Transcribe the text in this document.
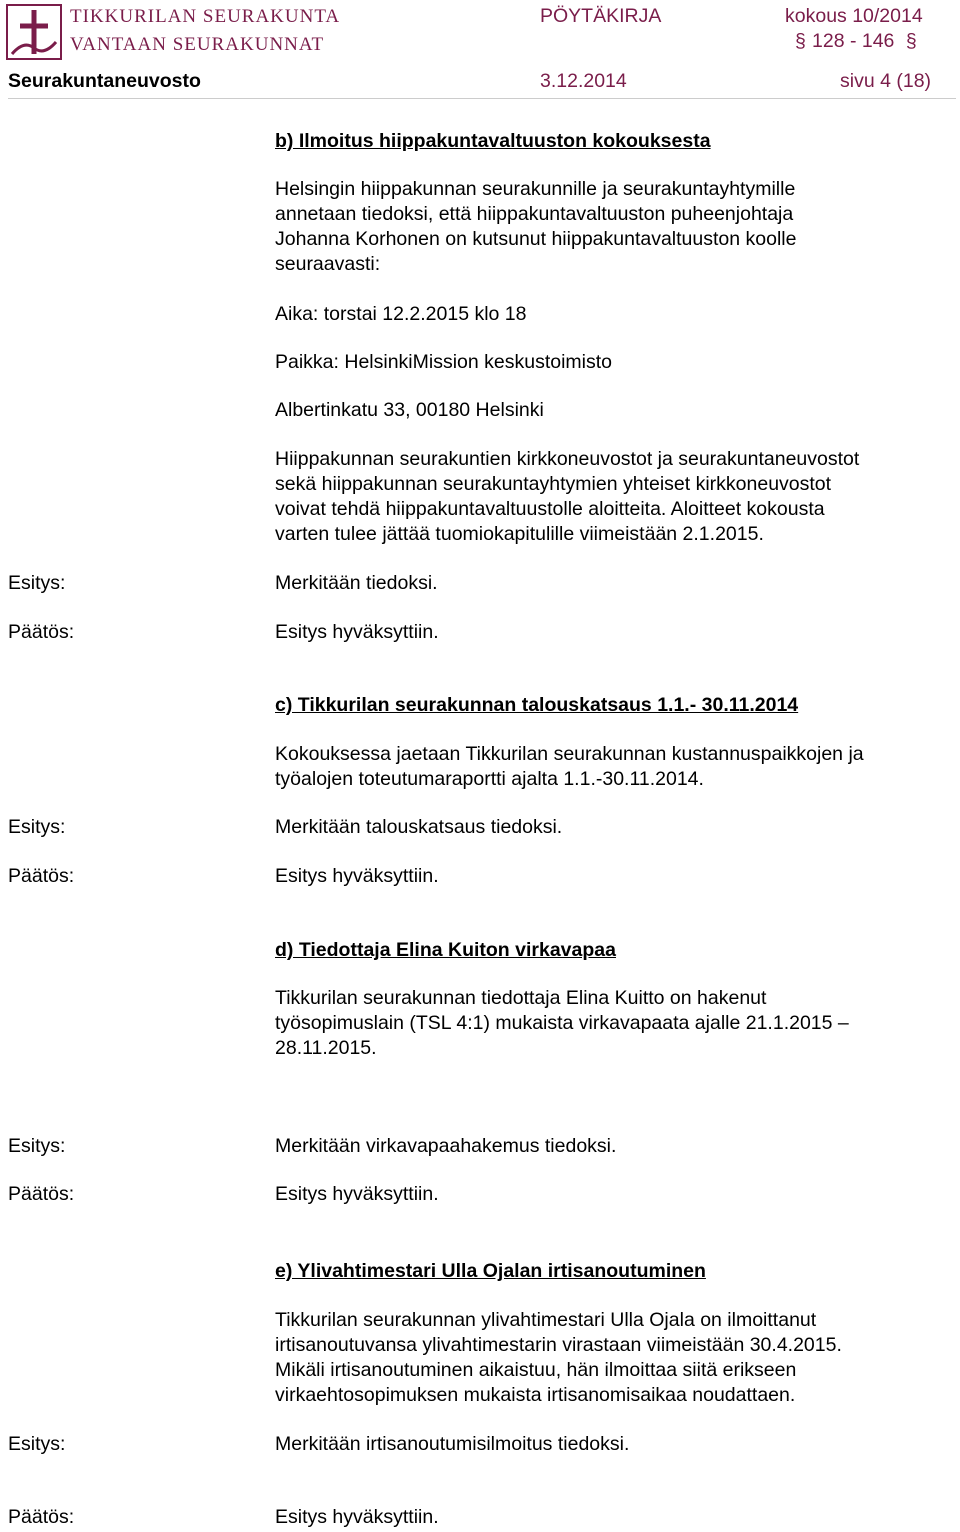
TIKKURILAN SEURAKUNTA
VANTAAN SEURAKUNNAT
PÖYTÄKIRJA	kokous 10/2014
128 - 146 §
§
Seurakuntaneuvosto	3.12.2014	sivu 4 (18)
b) Ilmoitus hiippakuntavaltuuston kokouksesta
Helsingin hiippakunnan seurakunnille ja seurakuntayhtymille
annetaan tiedoksi, että hiippakuntavaltuuston puheenjohtaja
Johanna Korhonen on kutsunut hiippakuntavaltuuston koolle
seuraavasti:
Aika: torstai 12.2.2015 klo 18
Paikka: HelsinkiMission keskustoimisto
Albertinkatu 33, 00180 Helsinki
Hiippakunnan seurakuntien kirkkoneuvostot ja seurakuntaneuvostot
sekä hiippakunnan seurakuntayhtymien yhteiset kirkkoneuvostot
voivat tehdä hiippakuntavaltuustolle aloitteita. Aloitteet kokousta
varten tulee jättää tuomiokapitulille viimeistään 2.1.2015.
Esitys:	Merkitään tiedoksi.
Päätös:	Esitys hyväksyttiin.
c) Tikkurilan seurakunnan talouskatsaus 1.1.- 30.11.2014
Kokouksessa jaetaan Tikkurilan seurakunnan kustannuspaikkojen ja
työalojen toteutumaraportti ajalta 1.1.-30.11.2014.
Esitys:	Merkitään talouskatsaus tiedoksi.
Päätös:	Esitys hyväksyttiin.
d) Tiedottaja Elina Kuiton virkavapaa
Tikkurilan seurakunnan tiedottaja Elina Kuitto on hakenut
työsopimuslain (TSL 4:1) mukaista virkavapaata ajalle 21.1.2015 –
28.11.2015.
Esitys:	Merkitään virkavapaahakemus tiedoksi.
Päätös:	Esitys hyväksyttiin.
e) Ylivahtimestari Ulla Ojalan irtisanoutuminen
Tikkurilan seurakunnan ylivahtimestari Ulla Ojala on ilmoittanut
irtisanoutuvansa ylivahtimestarin virastaan viimeistään 30.4.2015.
Mikäli irtisanoutuminen aikaistuu, hän ilmoittaa siitä erikseen
virkaehtosopimuksen mukaista irtisanomisaikaa noudattaen.
Esitys:	Merkitään irtisanoutumisilmoitus tiedoksi.
Päätös:	Esitys hyväksyttiin.
